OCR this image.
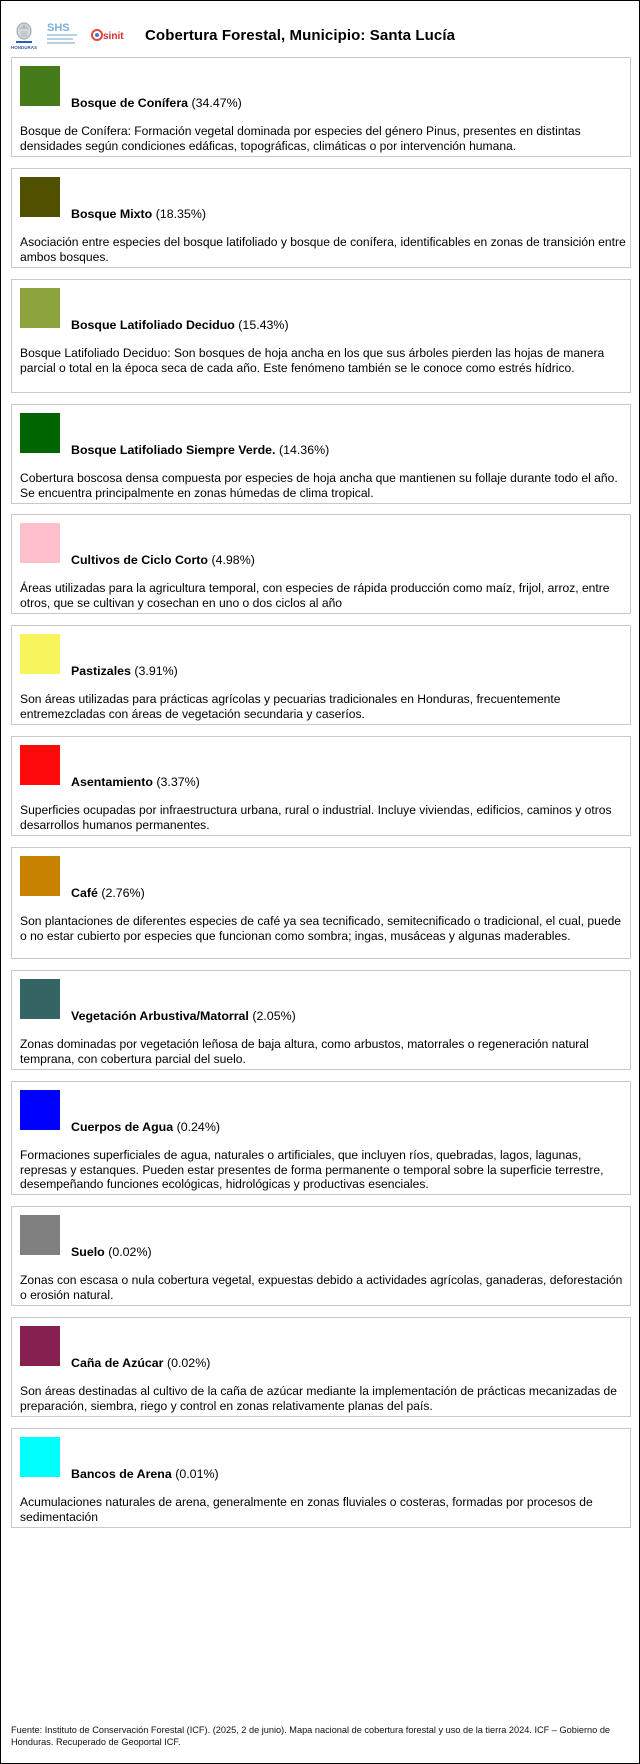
HONDURAS
SHS
sinit Cobertura Forestal, Municipio: Santa Lucía
Bosque de Conífera (34.47%)
Bosque de Conífera: Formación vegetal dominada por especies del género Pinus, presentes en distintas densidades según condiciones edáficas, topográficas, climáticas o por intervención humana.
Bosque Mixto (18.35%)
Asociación entre especies del bosque latifoliado y bosque de conífera, identificables en zonas de transición entre ambos bosques.
Bosque Latifoliado Deciduo (15.43%)
Bosque Latifoliado Deciduo: Son bosques de hoja ancha en los que sus árboles pierden las hojas de manera parcial o total en la época seca de cada año. Este fenómeno también se le conoce como estrés hídrico.
Bosque Latifoliado Siempre Verde. (14.36%)
Cobertura boscosa densa compuesta por especies de hoja ancha que mantienen su follaje durante todo el año. Se encuentra principalmente en zonas húmedas de clima tropical.
Cultivos de Ciclo Corto (4.98%)
Áreas utilizadas para la agricultura temporal, con especies de rápida producción como maíz, frijol, arroz, entre otros, que se cultivan y cosechan en uno o dos ciclos al año
Pastizales (3.91%)
Son áreas utilizadas para prácticas agrícolas y pecuarias tradicionales en Honduras, frecuentemente entremezcladas con áreas de vegetación secundaria y caseríos.
Asentamiento (3.37%)
Superficies ocupadas por infraestructura urbana, rural o industrial. Incluye viviendas, edificios, caminos y otros desarrollos humanos permanentes.
Café (2.76%)
Son plantaciones de diferentes especies de café ya sea tecnificado, semitecnificado o tradicional, el cual, puede o no estar cubierto por especies que funcionan como sombra; ingas, musáceas y algunas maderables.
Vegetación Arbustiva/Matorral (2.05%)
Zonas dominadas por vegetación leñosa de baja altura, como arbustos, matorrales o regeneración natural temprana, con cobertura parcial del suelo.
Cuerpos de Agua (0.24%)
Formaciones superficiales de agua, naturales o artificiales, que incluyen ríos, quebradas, lagos, lagunas, represas y estanques. Pueden estar presentes de forma permanente o temporal sobre la superficie terrestre, desempeñando funciones ecológicas, hidrológicas y productivas esenciales.
Suelo (0.02%)
Zonas con escasa o nula cobertura vegetal, expuestas debido a actividades agrícolas, ganaderas, deforestación o erosión natural.
Caña de Azúcar (0.02%)
Son áreas destinadas al cultivo de la caña de azúcar mediante la implementación de prácticas mecanizadas de preparación, siembra, riego y control en zonas relativamente planas del país.
Bancos de Arena (0.01%)
Acumulaciones naturales de arena, generalmente en zonas fluviales o costeras, formadas por procesos de sedimentación
Fuente: Instituto de Conservación Forestal (ICF). (2025, 2 de junio). Mapa nacional de cobertura forestal y uso de la tierra 2024. ICF – Gobierno de Honduras. Recuperado de Geoportal ICF.
